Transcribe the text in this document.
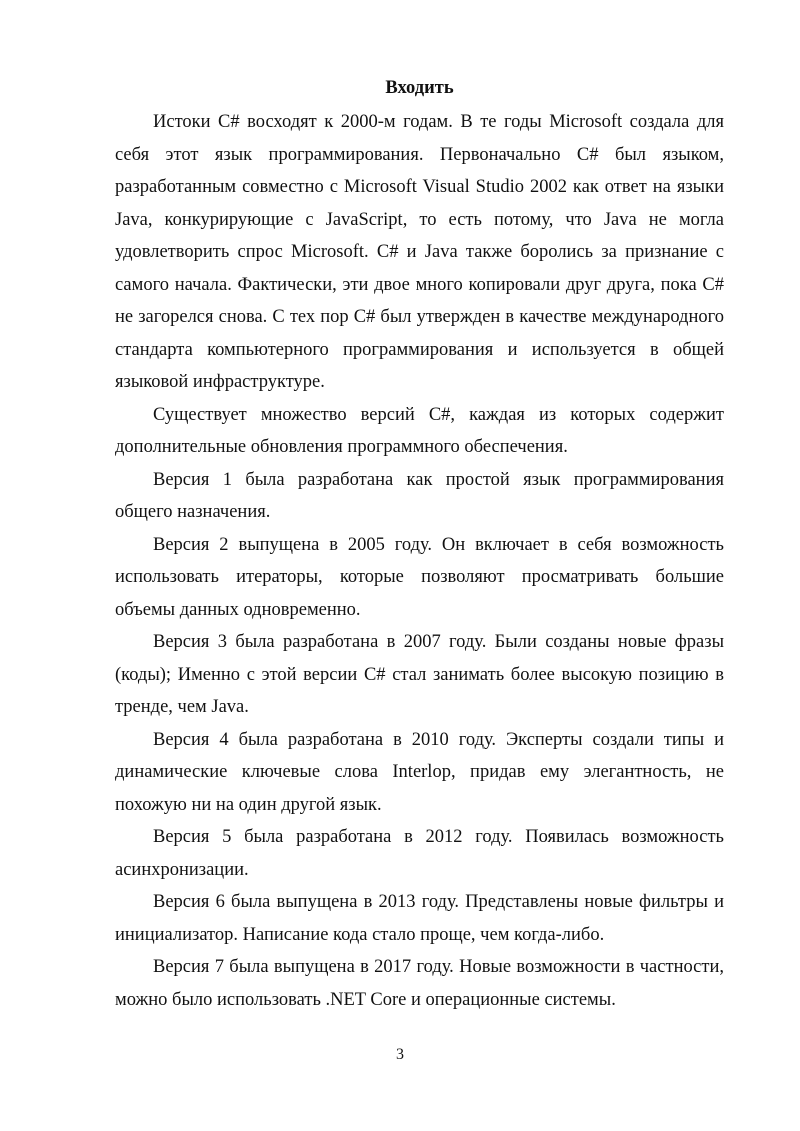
Входить

Истоки C# восходят к 2000-м годам. В те годы Microsoft создала для себя этот язык программирования. Первоначально C# был языком, разработанным совместно с Microsoft Visual Studio 2002 как ответ на языки Java, конкурирующие с JavaScript, то есть потому, что Java не могла удовлетворить спрос Microsoft. C# и Java также боролись за признание с самого начала. Фактически, эти двое много копировали друг друга, пока C# не загорелся снова. С тех пор C# был утвержден в качестве международного стандарта компьютерного программирования и используется в общей языковой инфраструктуре.

Существует множество версий C#, каждая из которых содержит дополнительные обновления программного обеспечения.

Версия 1 была разработана как простой язык программирования общего назначения.

Версия 2 выпущена в 2005 году. Он включает в себя возможность использовать итераторы, которые позволяют просматривать большие объемы данных одновременно.

Версия 3 была разработана в 2007 году. Были созданы новые фразы (коды); Именно с этой версии C# стал занимать более высокую позицию в тренде, чем Java.

Версия 4 была разработана в 2010 году. Эксперты создали типы и динамические ключевые слова Interlop, придав ему элегантность, не похожую ни на один другой язык.

Версия 5 была разработана в 2012 году. Появилась возможность асинхронизации.

Версия 6 была выпущена в 2013 году. Представлены новые фильтры и инициализатор. Написание кода стало проще, чем когда-либо.

Версия 7 была выпущена в 2017 году. Новые возможности в частности, можно было использовать .NET Core и операционные системы.

3
